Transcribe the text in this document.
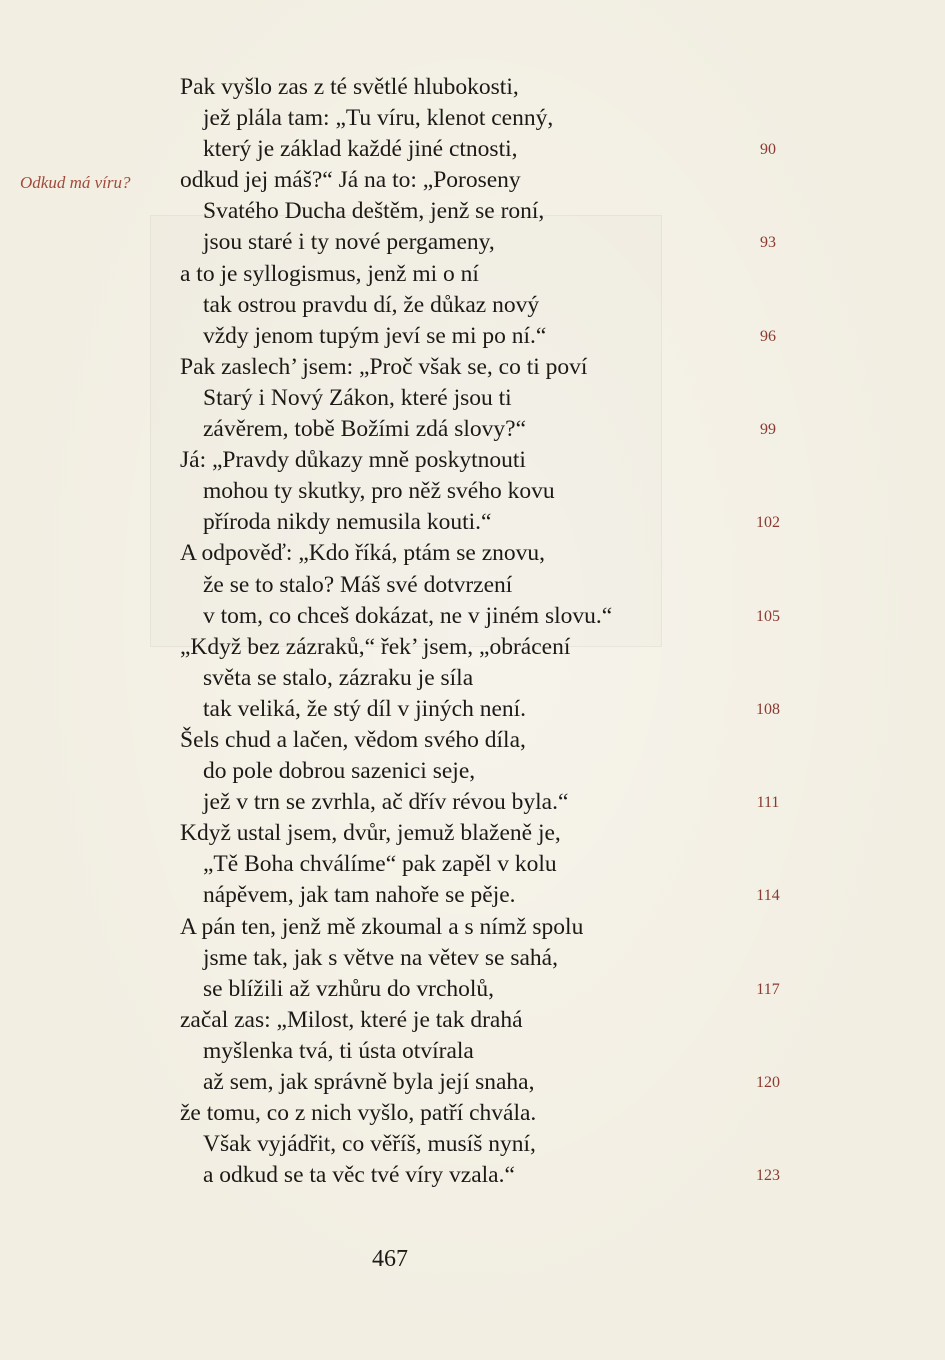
Odkud má víru?
Pak vyšlo zas z té světlé hlubokosti,
jež plála tam: „Tu víru, klenot cenný,
který je základ každé jiné ctnosti,	90
odkud jej máš?“ Já na to: „Poroseny
Svatého Ducha deštěm, jenž se roní,
jsou staré i ty nové pergameny,	93
a to je syllogismus, jenž mi o ní
tak ostrou pravdu dí, že důkaz nový
vždy jenom tupým jeví se mi po ní.“	96
Pak zaslech’ jsem: „Proč však se, co ti poví
Starý i Nový Zákon, které jsou ti
závěrem, tobě Božími zdá slovy?“	99
Já: „Pravdy důkazy mně poskytnouti
mohou ty skutky, pro něž svého kovu
příroda nikdy nemusila kouti.“	102
A odpověď: „Kdo říká, ptám se znovu,
že se to stalo? Máš své dotvrzení
v tom, co chceš dokázat, ne v jiném slovu.“	105
„Když bez zázraků,“ řek’ jsem, „obrácení
světa se stalo, zázraku je síla
tak veliká, že stý díl v jiných není.	108
Šels chud a lačen, vědom svého díla,
do pole dobrou sazenici seje,
jež v trn se zvrhla, ač dřív révou byla.“	111
Když ustal jsem, dvůr, jemuž blaženě je,
„Tě Boha chválíme“ pak zapěl v kolu
nápěvem, jak tam nahoře se pěje.	114
A pán ten, jenž mě zkoumal a s nímž spolu
jsme tak, jak s větve na větev se sahá,
se blížili až vzhůru do vrcholů,	117
začal zas: „Milost, které je tak drahá
myšlenka tvá, ti ústa otvírala
až sem, jak správně byla její snaha,	120
že tomu, co z nich vyšlo, patří chvála.
Však vyjádřit, co věříš, musíš nyní,
a odkud se ta věc tvé víry vzala.“	123
467
